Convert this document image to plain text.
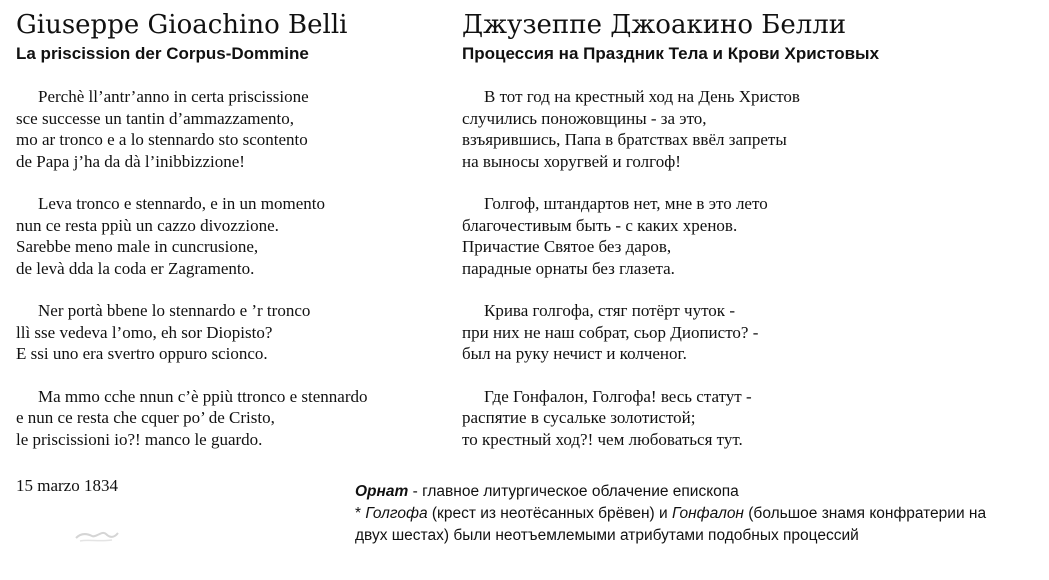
Giuseppe Gioachino Belli
La priscission der Corpus-Dommine
Perchè ll’antr’anno in certa priscissione
sce successe un tantin d’ammazzamento,
mo ar tronco e a lo stennardo sto scontento
de Papa j’ha da dà l’inibbizzione!
Leva tronco e stennardo, e in un momento
nun ce resta ppiù un cazzo divozzione.
Sarebbe meno male in cuncrusione,
de levà dda la coda er Zagramento.
Ner portà bbene lo stennardo e ’r tronco
llì sse vedeva l’omo, eh sor Diopisto?
E ssi uno era svertro oppuro scionco.
Ma mmo cche nnun c’è ppiù ttronco e stennardo
e nun ce resta che cquer po’ de Cristo,
le priscissioni io?! manco le guardo.
15 marzo 1834
Джузеппе Джоакино Белли
Процессия на Праздник Тела и Крови Христовых
В тот год на крестный ход на День Христов
случились поножовщины - за это,
взъярившись, Папа в братствах ввёл запреты
на выносы хоругвей и голгоф!
Голгоф, штандартов нет, мне в это лето
благочестивым быть - с каких хренов.
Причастие Святое без даров,
парадные орнаты без глазета.
Крива голгофа, стяг потёрт чуток -
при них не наш собрат, сьор Диописто? -
был на руку нечист и колченог.
Где Гонфалон, Голгофа! весь статут -
распятие в сусальке золотистой;
то крестный ход?! чем любоваться тут.
Орнат - главное литургическое облачение епископа
* Голгофа (крест из неотёсанных брёвен) и Гонфалон (большое знамя конфратерии на двух шестах) были неотъемлемыми атрибутами подобных процессий
